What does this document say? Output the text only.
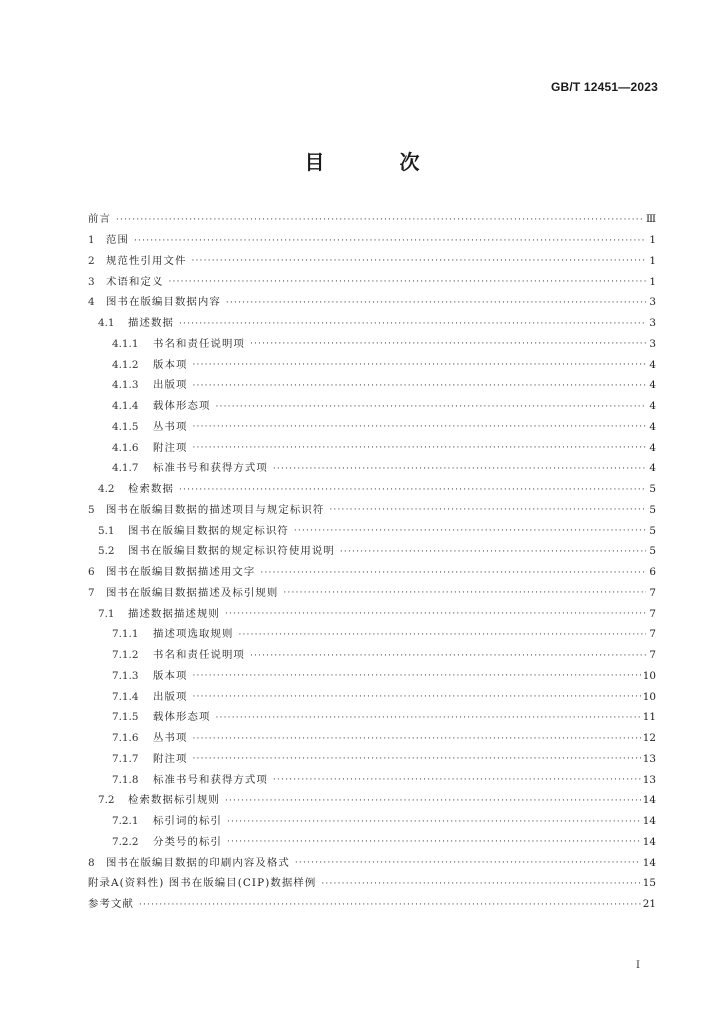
GB/T 12451—2023
目 次
前言 ·····	Ⅲ
1	范围 ·····	1
2	规范性引用文件 ·····	1
3	术语和定义 ·····	1
4	图书在版编目数据内容 ·····	3
4.1	描述数据 ·····	3
4.1.1	书名和责任说明项 ·····	3
4.1.2	版本项 ·····	4
4.1.3	出版项 ·····	4
4.1.4	载体形态项 ·····	4
4.1.5	丛书项 ·····	4
4.1.6	附注项 ·····	4
4.1.7	标准书号和获得方式项 ·····	4
4.2	检索数据 ·····	5
5	图书在版编目数据的描述项目与规定标识符 ·····	5
5.1	图书在版编目数据的规定标识符 ·····	5
5.2	图书在版编目数据的规定标识符使用说明 ·····	5
6	图书在版编目数据描述用文字 ·····	6
7	图书在版编目数据描述及标引规则 ·····	7
7.1	描述数据描述规则 ·····	7
7.1.1	描述项选取规则 ·····	7
7.1.2	书名和责任说明项 ·····	7
7.1.3	版本项 ·····	10
7.1.4	出版项 ·····	10
7.1.5	载体形态项 ·····	11
7.1.6	丛书项 ·····	12
7.1.7	附注项 ·····	13
7.1.8	标准书号和获得方式项 ·····	13
7.2	检索数据标引规则 ·····	14
7.2.1	标引词的标引 ·····	14
7.2.2	分类号的标引 ·····	14
8	图书在版编目数据的印刷内容及格式 ·····	14
附录A(资料性) 图书在版编目(CIP)数据样例 ·····	15
参考文献 ·····	21
I
